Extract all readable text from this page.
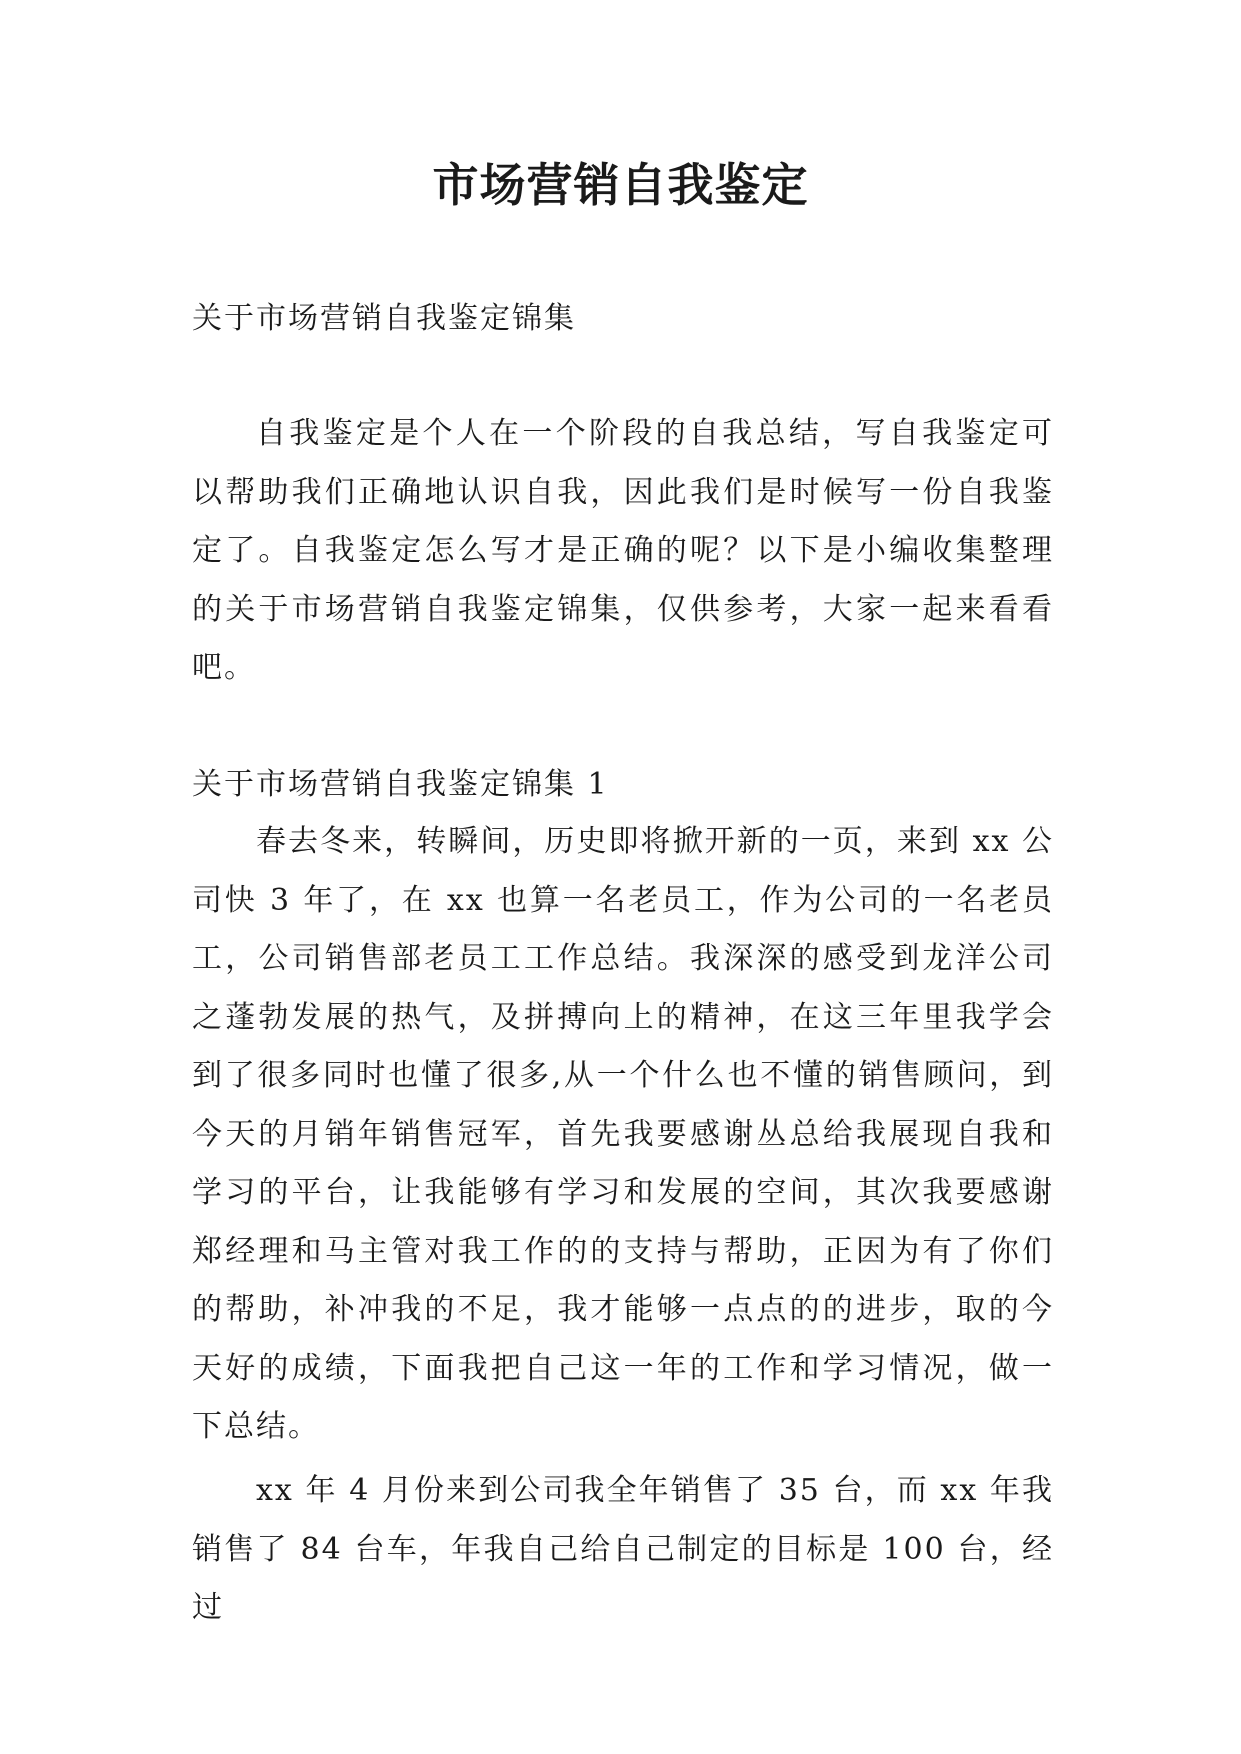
市场营销自我鉴定

关于市场营销自我鉴定锦集

自我鉴定是个人在一个阶段的自我总结，写自我鉴定可以帮助我们正确地认识自我，因此我们是时候写一份自我鉴定了。自我鉴定怎么写才是正确的呢？以下是小编收集整理的关于市场营销自我鉴定锦集，仅供参考，大家一起来看看吧。

关于市场营销自我鉴定锦集 1

春去冬来，转瞬间，历史即将掀开新的一页，来到 xx 公司快 3 年了，在 xx 也算一名老员工，作为公司的一名老员工，公司销售部老员工工作总结。我深深的感受到龙洋公司之蓬勃发展的热气，及拼搏向上的精神，在这三年里我学会到了很多同时也懂了很多,从一个什么也不懂的销售顾问，到今天的月销年销售冠军，首先我要感谢丛总给我展现自我和学习的平台，让我能够有学习和发展的空间，其次我要感谢郑经理和马主管对我工作的的支持与帮助，正因为有了你们的帮助，补冲我的不足，我才能够一点点的的进步，取的今天好的成绩，下面我把自己这一年的工作和学习情况，做一下总结。

xx 年 4 月份来到公司我全年销售了 35 台，而 xx 年我销售了 84 台车，年我自己给自己制定的目标是 100 台，经过
